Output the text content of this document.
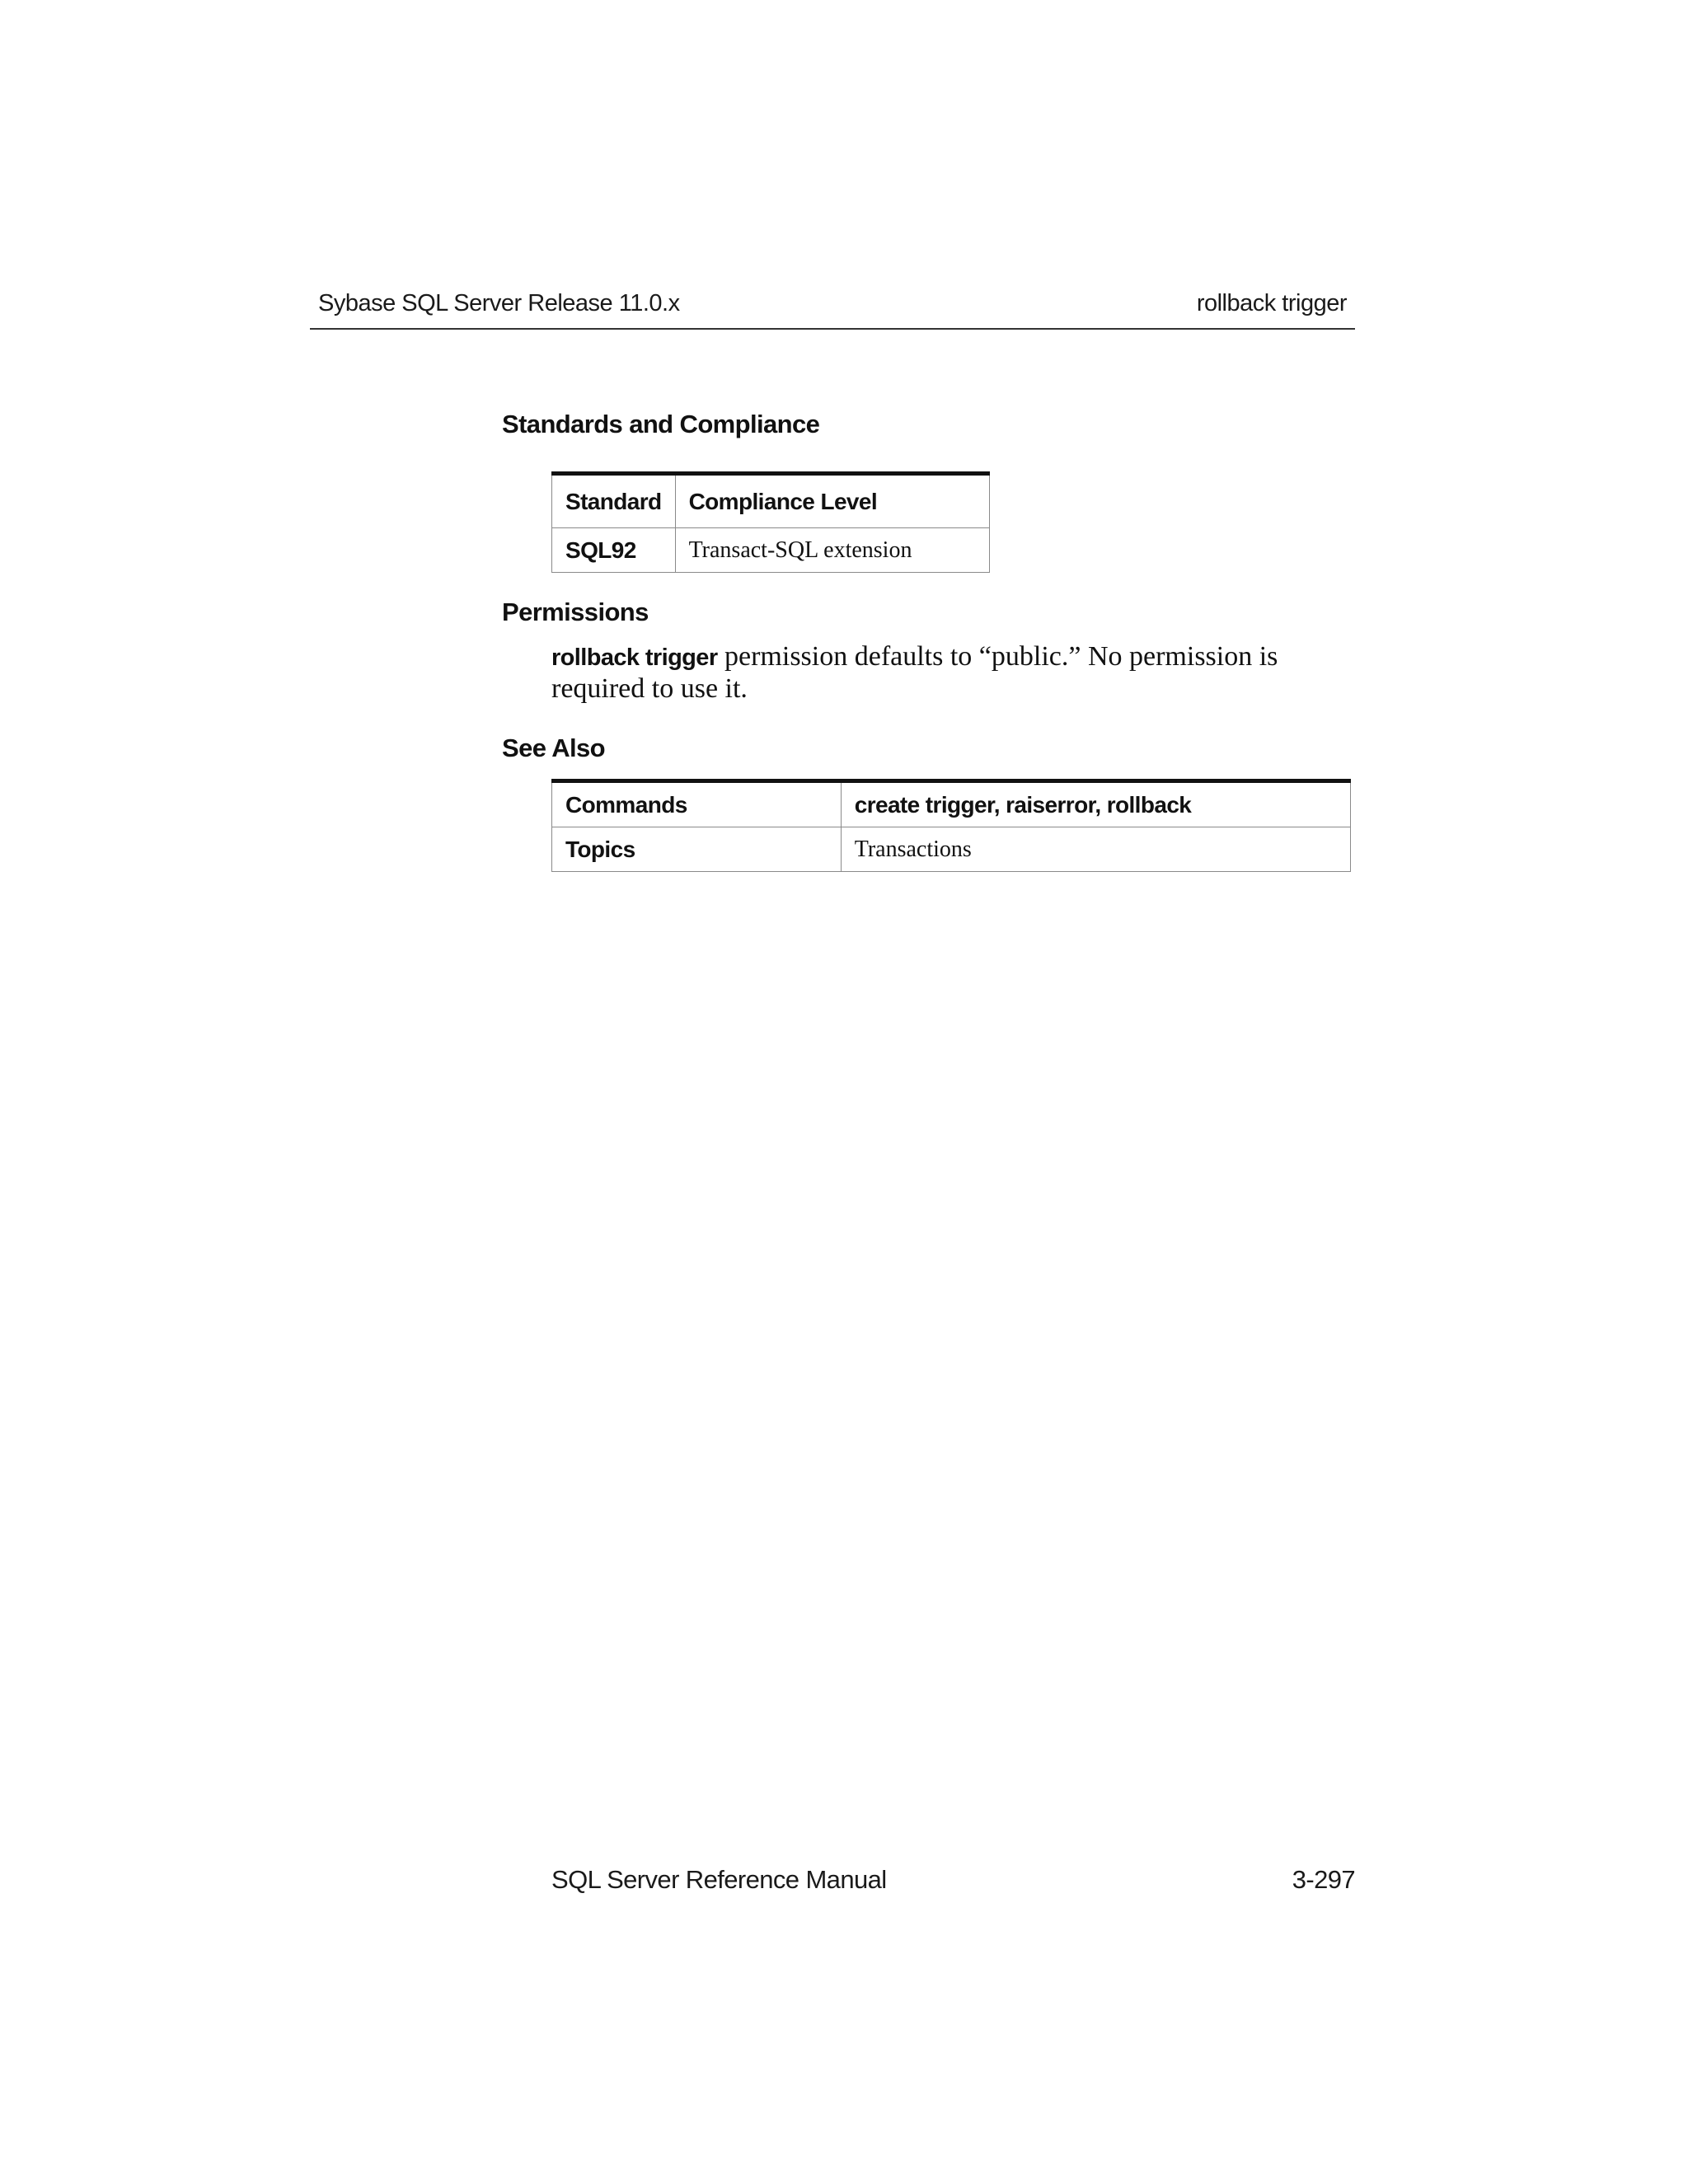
Sybase SQL Server Release 11.0.x	rollback trigger
Standards and Compliance
Standard	Compliance Level
SQL92	Transact-SQL extension
Permissions

rollback trigger permission defaults to “public.” No permission is required to use it.

See Also
Commands	create trigger, raiserror, rollback
Topics	Transactions
SQL Server Reference Manual	3-297
